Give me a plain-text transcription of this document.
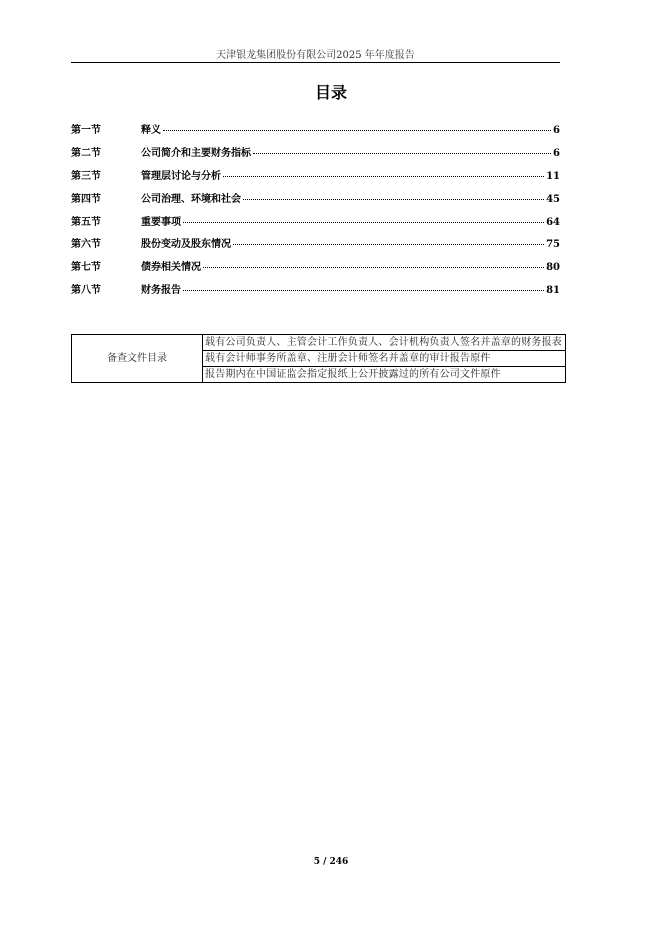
天津银龙集团股份有限公司2025 年年度报告
目录
第一节	释义	6
第二节	公司简介和主要财务指标	6
第三节	管理层讨论与分析	11
第四节	公司治理、环境和社会	45
第五节	重要事项	64
第六节	股份变动及股东情况	75
第七节	债券相关情况	80
第八节	财务报告	81
备查文件目录	载有公司负责人、主管会计工作负责人、会计机构负责人签名并盖章的财务报表
载有会计师事务所盖章、注册会计师签名并盖章的审计报告原件
报告期内在中国证监会指定报纸上公开披露过的所有公司文件原件
5 / 246
